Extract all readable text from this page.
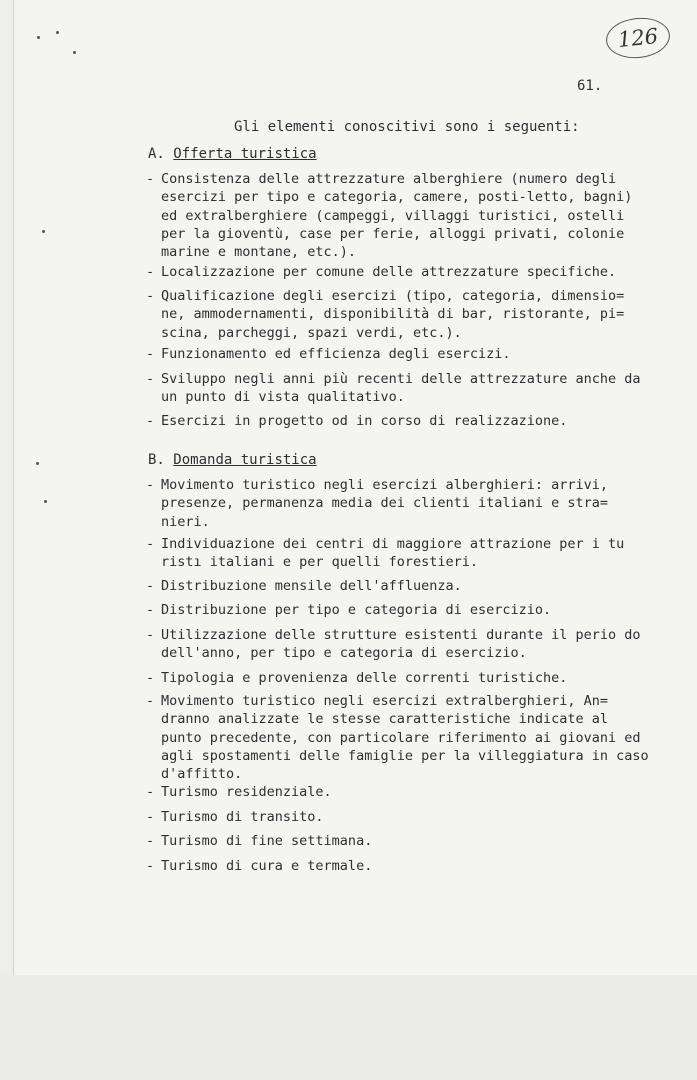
126
61.
Gli elementi conoscitivi sono i seguenti:
A. Offerta turistica
- Consistenza delle attrezzature alberghiere (numero degli esercizi per tipo e categoria, camere, posti-letto, bagni) ed extralberghiere (campeggi, villaggi turistici, ostelli per la gioventù, case per ferie, alloggi privati, colonie marine e montane, etc.).
- Localizzazione per comune delle attrezzature specifiche.
- Qualificazione degli esercizi (tipo, categoria, dimensio= ne, ammodernamenti, disponibilità di bar, ristorante, pi= scina, parcheggi, spazi verdi, etc.).
- Funzionamento ed efficienza degli esercizi.
- Sviluppo negli anni più recenti delle attrezzature anche da un punto di vista qualitativo.
- Esercizi in progetto od in corso di realizzazione.
B. Domanda turistica
- Movimento turistico negli esercizi alberghieri: arrivi, presenze, permanenza media dei clienti italiani e stra= nieri.
- Individuazione dei centri di maggiore attrazione per i tu ristı italiani e per quelli forestieri.
- Distribuzione mensile dell'affluenza.
- Distribuzione per tipo e categoria di esercizio.
- Utilizzazione delle strutture esistenti durante il perio do dell'anno, per tipo e categoria di esercizio.
- Tipologia e provenienza delle correnti turistiche.
- Movimento turistico negli esercizi extralberghieri, An= dranno analizzate le stesse caratteristiche indicate al punto precedente, con particolare riferimento ai giovani ed agli spostamenti delle famiglie per la villeggiatura in caso d'affitto.
- Turismo residenziale.
- Turismo di transito.
- Turismo di fine settimana.
- Turismo di cura e termale.
